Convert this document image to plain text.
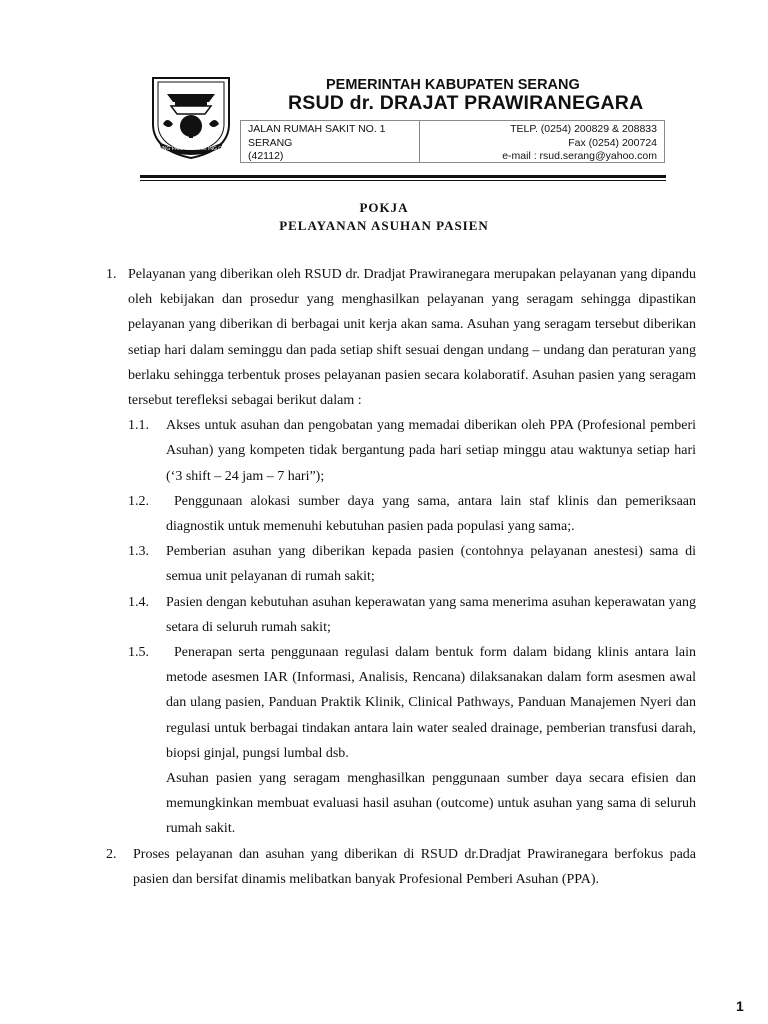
SEPI ING PAMRIH RAME ING GAWE
PEMERINTAH KABUPATEN SERANG
RSUD dr. DRAJAT PRAWIRANEGARA
JALAN RUMAH SAKIT NO. 1
SERANG
(42112)
TELP. (0254) 200829 & 208833
Fax (0254) 200724
e-mail : rsud.serang@yahoo.com
POKJA
PELAYANAN ASUHAN PASIEN
1. Pelayanan yang diberikan oleh RSUD dr. Dradjat Prawiranegara merupakan pelayanan yang dipandu oleh kebijakan dan prosedur yang menghasilkan pelayanan yang seragam sehingga dipastikan pelayanan yang diberikan di berbagai unit kerja akan sama. Asuhan yang seragam tersebut diberikan setiap hari dalam seminggu dan pada setiap shift sesuai dengan undang – undang dan peraturan yang berlaku sehingga terbentuk proses pelayanan pasien secara kolaboratif. Asuhan pasien yang seragam tersebut terefleksi sebagai berikut dalam :
1.1. Akses untuk asuhan dan pengobatan yang memadai diberikan oleh PPA (Profesional pemberi Asuhan) yang kompeten tidak bergantung pada hari setiap minggu atau waktunya setiap hari (‘3 shift – 24 jam – 7 hari”);
1.2.	Penggunaan alokasi sumber daya yang sama, antara lain staf klinis dan pemeriksaan diagnostik untuk memenuhi kebutuhan pasien pada populasi yang sama;.
1.3. Pemberian asuhan yang diberikan kepada pasien (contohnya pelayanan anestesi) sama di semua unit pelayanan di rumah sakit;
1.4. Pasien dengan kebutuhan asuhan keperawatan yang sama menerima asuhan keperawatan yang setara di seluruh rumah sakit;
1.5.	Penerapan serta penggunaan regulasi dalam bentuk form dalam bidang klinis antara lain metode asesmen IAR (Informasi, Analisis, Rencana) dilaksanakan dalam form asesmen awal dan ulang pasien, Panduan Praktik Klinik, Clinical Pathways, Panduan Manajemen Nyeri dan regulasi untuk berbagai tindakan antara lain water sealed drainage, pemberian transfusi darah, biopsi ginjal, pungsi lumbal dsb.
Asuhan pasien yang seragam menghasilkan penggunaan sumber daya secara efisien dan memungkinkan membuat evaluasi hasil asuhan (outcome) untuk asuhan yang sama di seluruh rumah sakit.
2. Proses pelayanan dan asuhan yang diberikan di RSUD dr.Dradjat Prawiranegara berfokus pada pasien dan bersifat dinamis melibatkan banyak Profesional Pemberi Asuhan (PPA).
1
